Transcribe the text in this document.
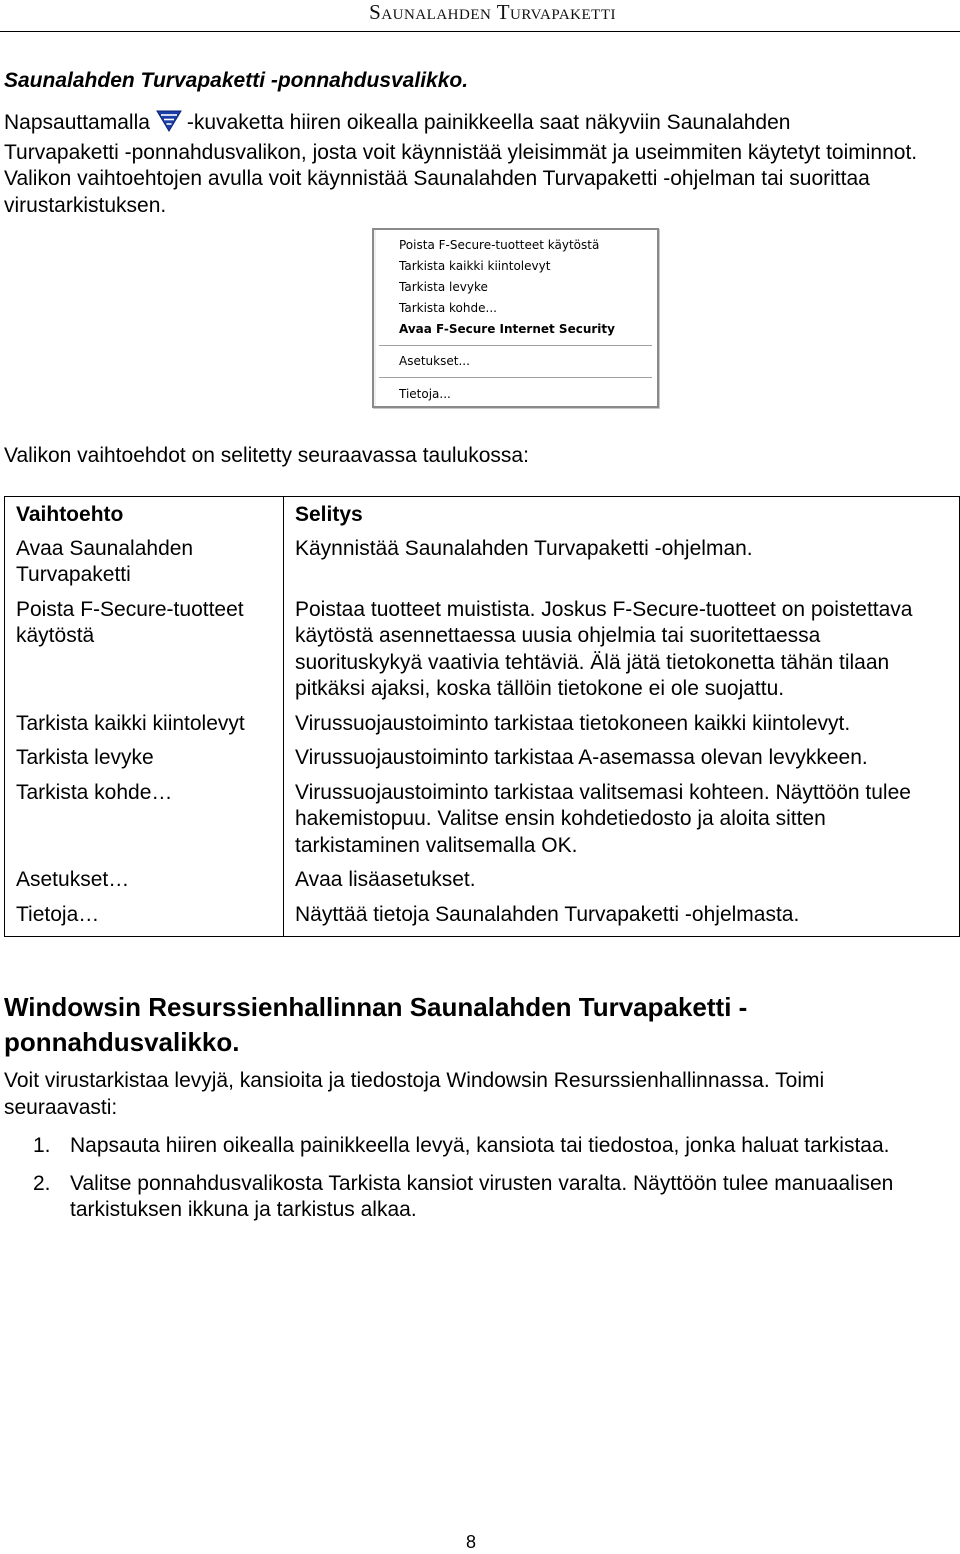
Saunalahden Turvapaketti
Saunalahden Turvapaketti -ponnahdusvalikko.
Napsauttamalla -kuvaketta hiiren oikealla painikkeella saat näkyviin Saunalahden
Turvapaketti -ponnahdusvalikon, josta voit käynnistää yleisimmät ja useimmiten käytetyt toiminnot. Valikon vaihtoehtojen avulla voit käynnistää Saunalahden Turvapaketti -ohjelman tai suorittaa virustarkistuksen.
Poista F-Secure-tuotteet käytöstä
Tarkista kaikki kiintolevyt
Tarkista levyke
Tarkista kohde...
Avaa F-Secure Internet Security
Asetukset...
Tietoja...
Valikon vaihtoehdot on selitetty seuraavassa taulukossa:
Vaihtoehto	Selitys
Avaa Saunalahden Turvapaketti	Käynnistää Saunalahden Turvapaketti -ohjelman.
Poista F-Secure-tuotteet käytöstä	Poistaa tuotteet muistista. Joskus F-Secure-tuotteet on poistettava käytöstä asennettaessa uusia ohjelmia tai suoritettaessa suorituskykyä vaativia tehtäviä. Älä jätä tietokonetta tähän tilaan pitkäksi ajaksi, koska tällöin tietokone ei ole suojattu.
Tarkista kaikki kiintolevyt	Virussuojaustoiminto tarkistaa tietokoneen kaikki kiintolevyt.
Tarkista levyke	Virussuojaustoiminto tarkistaa A-asemassa olevan levykkeen.
Tarkista kohde…	Virussuojaustoiminto tarkistaa valitsemasi kohteen. Näyttöön tulee hakemistopuu. Valitse ensin kohdetiedosto ja aloita sitten tarkistaminen valitsemalla OK.
Asetukset…	Avaa lisäasetukset.
Tietoja…	Näyttää tietoja Saunalahden Turvapaketti -ohjelmasta.
Windowsin Resurssienhallinnan Saunalahden Turvapaketti - ponnahdusvalikko.
Voit virustarkistaa levyjä, kansioita ja tiedostoja Windowsin Resurssienhallinnassa. Toimi seuraavasti:
1. Napsauta hiiren oikealla painikkeella levyä, kansiota tai tiedostoa, jonka haluat tarkistaa.
2. Valitse ponnahdusvalikosta Tarkista kansiot virusten varalta. Näyttöön tulee manuaalisen tarkistuksen ikkuna ja tarkistus alkaa.
8
